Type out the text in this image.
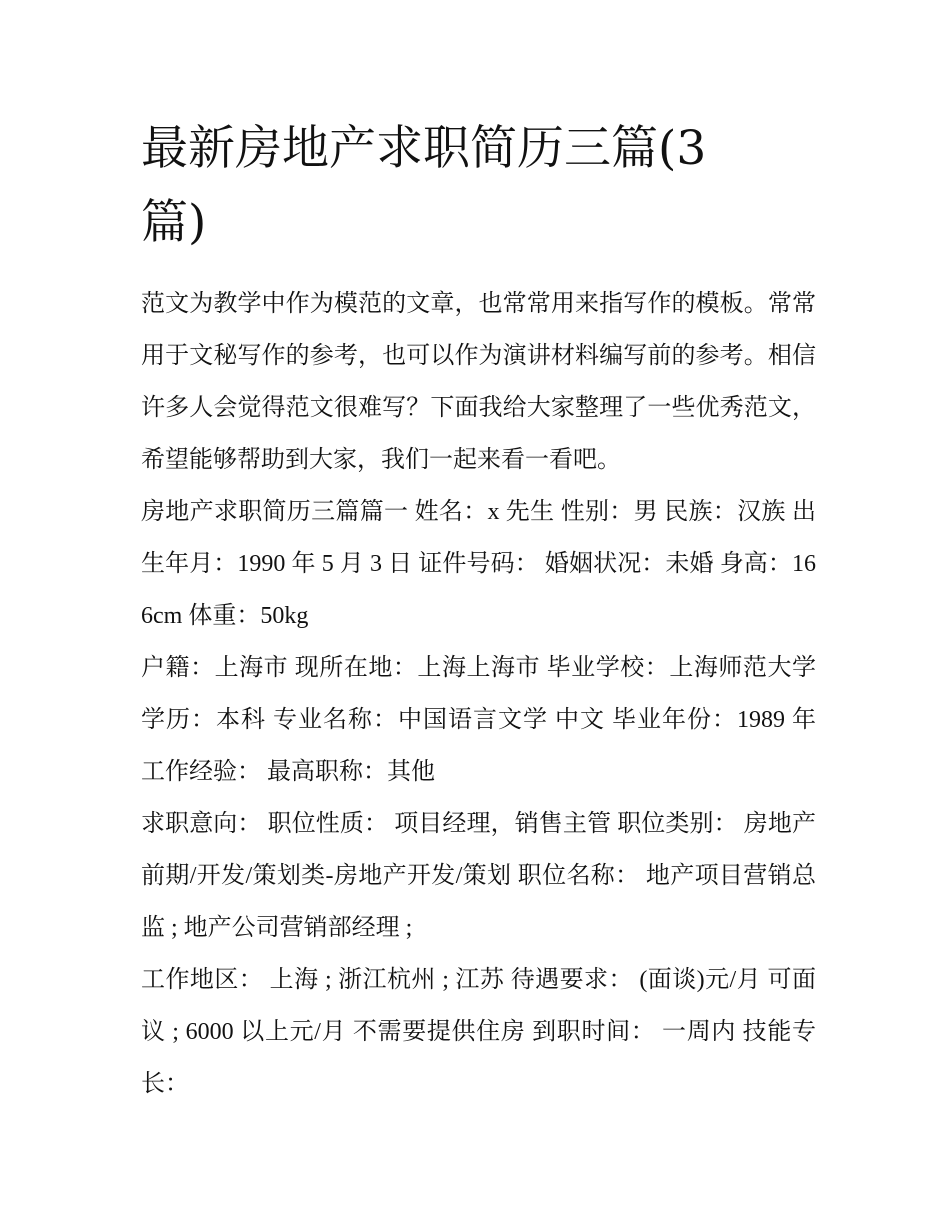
最新房地产求职简历三篇(3篇)

范文为教学中作为模范的文章，也常常用来指写作的模板。常常用于文秘写作的参考，也可以作为演讲材料编写前的参考。相信许多人会觉得范文很难写？下面我给大家整理了一些优秀范文，希望能够帮助到大家，我们一起来看一看吧。

房地产求职简历三篇篇一 姓名：x 先生 性别：男 民族：汉族 出生年月：1990 年 5 月 3 日 证件号码： 婚姻状况：未婚 身高：166cm 体重：50kg

户籍：上海市 现所在地：上海上海市 毕业学校：上海师范大学 学历：本科 专业名称：中国语言文学 中文 毕业年份：1989 年 工作经验： 最高职称：其他

求职意向： 职位性质： 项目经理，销售主管 职位类别： 房地产前期/开发/策划类-房地产开发/策划 职位名称： 地产项目营销总监 ; 地产公司营销部经理 ;

工作地区： 上海 ; 浙江杭州 ; 江苏 待遇要求： (面谈)元/月 可面议 ; 6000 以上元/月 不需要提供住房 到职时间： 一周内 技能专长：
